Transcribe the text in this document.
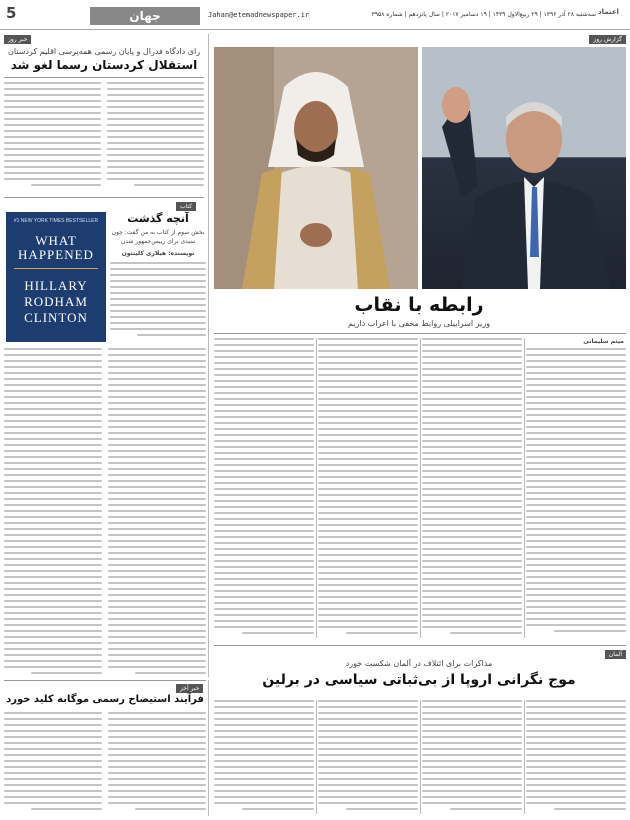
5	جهان	Jahan@etemadnewspaper.ir	سه‌شنبه ۲۸ آذر ۱۳۹۶ | ۲۹ ربیع‌الاول ۱۴۳۹ | ۱۹ دسامبر ۲۰۱۷ | سال پانزدهم | شماره ۳۹۵۸ اعتماد
خبر روز
رای دادگاه فدرال و پایان رسمی همه‌پرسی اقلیم کردستان
استقلال کردستان رسما لغو شد
#1 NEW YORK TIMES BESTSELLER
WHAT HAPPENED
HILLARY RODHAM CLINTON
کتاب
آنچه گذشت
بخش سوم از کتاب به من گفت: چون سیدی برای رییس‌جمهور شدن
نویسنده: هیلاری کلینتون
گزارش روز
رابطه با نقاب
وزیر اسراییلی روابط مخفی با اعراب داریم
میثم سلیمانی
آلمان
مذاکرات برای ائتلاف در آلمان شکست خورد
موج نگرانی اروپا از بی‌ثباتی سیاسی در برلین
خبر آخر
فرآیند استیضاح رسمی موگابه کلید خورد
